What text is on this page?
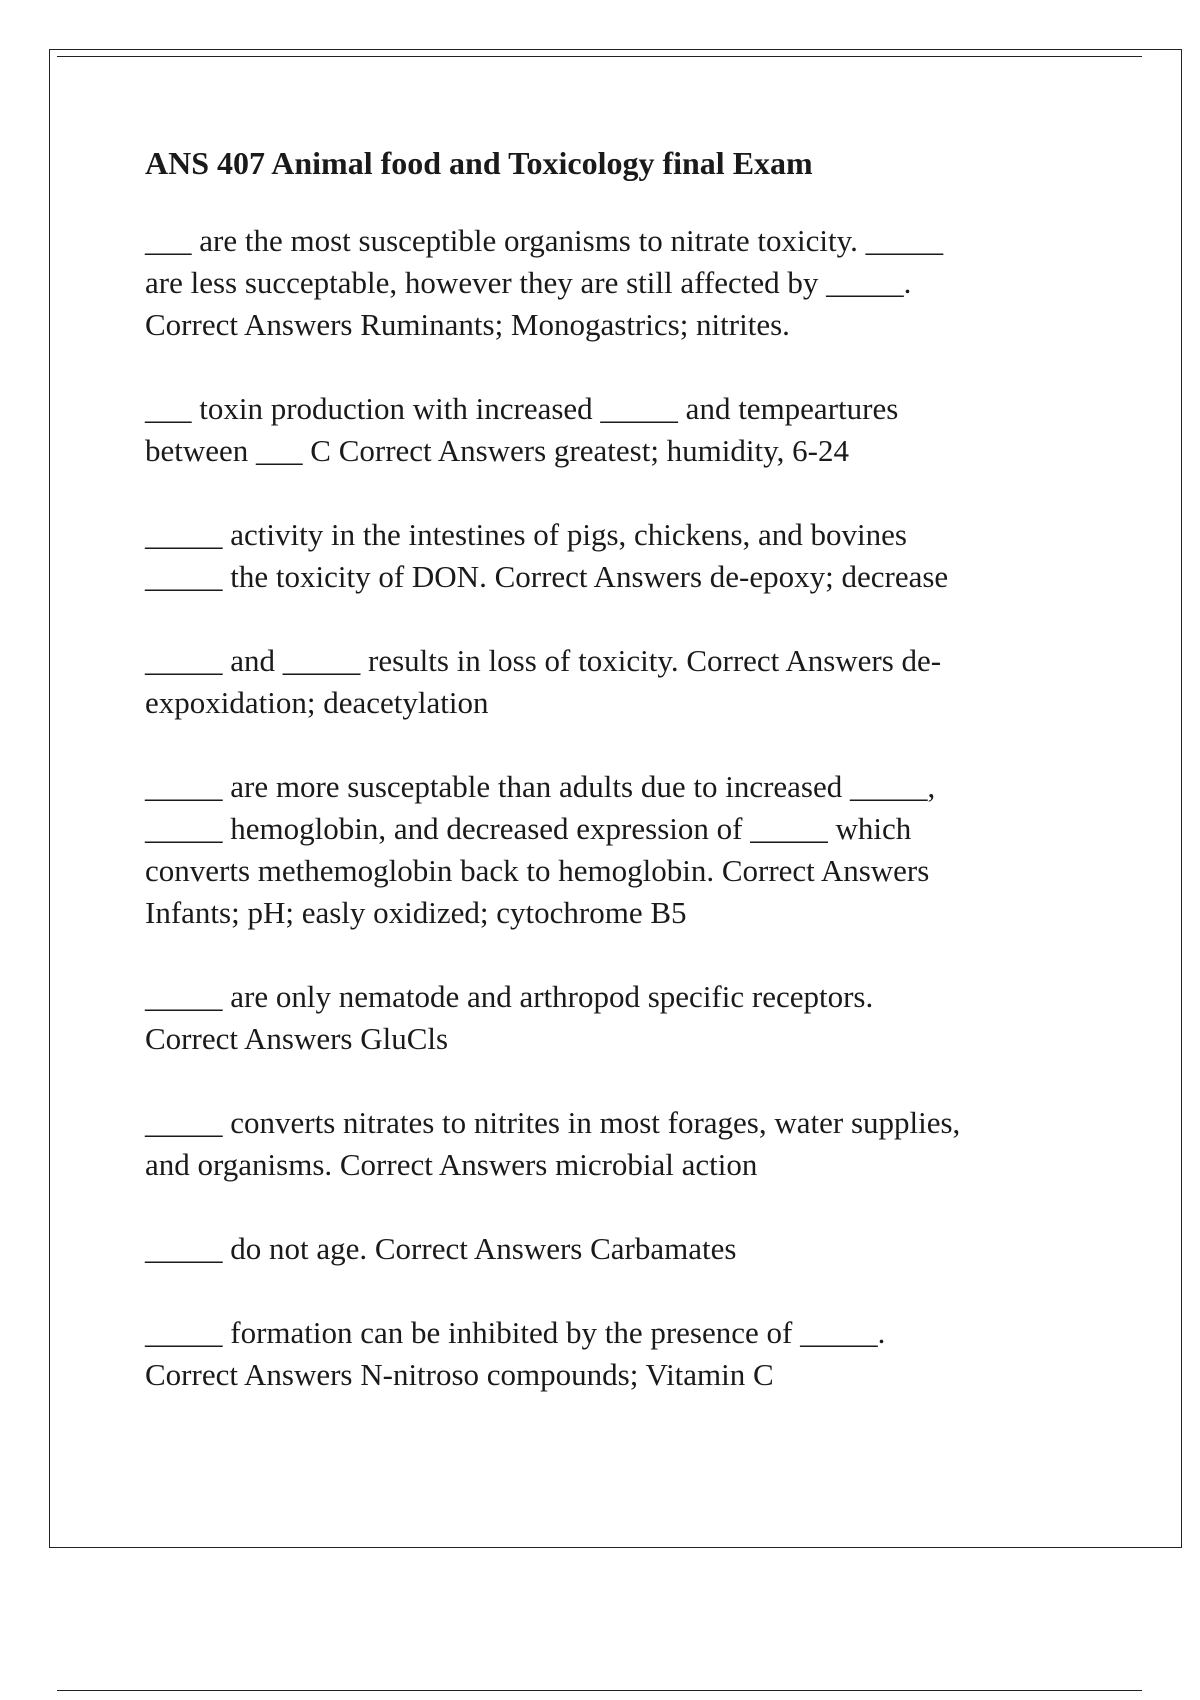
ANS 407 Animal food and Toxicology final Exam
___ are the most susceptible organisms to nitrate toxicity. _____
are less succeptable, however they are still affected by _____.
Correct Answers Ruminants; Monogastrics; nitrites.
___ toxin production with increased _____ and tempeartures
between ___ C Correct Answers greatest; humidity, 6-24
_____ activity in the intestines of pigs, chickens, and bovines
_____ the toxicity of DON. Correct Answers de-epoxy; decrease
_____ and _____ results in loss of toxicity. Correct Answers de-
expoxidation; deacetylation
_____ are more susceptable than adults due to increased _____,
_____ hemoglobin, and decreased expression of _____ which
converts methemoglobin back to hemoglobin. Correct Answers
Infants; pH; easly oxidized; cytochrome B5
_____ are only nematode and arthropod specific receptors.
Correct Answers GluCls
_____ converts nitrates to nitrites in most forages, water supplies,
and organisms. Correct Answers microbial action
_____ do not age. Correct Answers Carbamates
_____ formation can be inhibited by the presence of _____.
Correct Answers N-nitroso compounds; Vitamin C
